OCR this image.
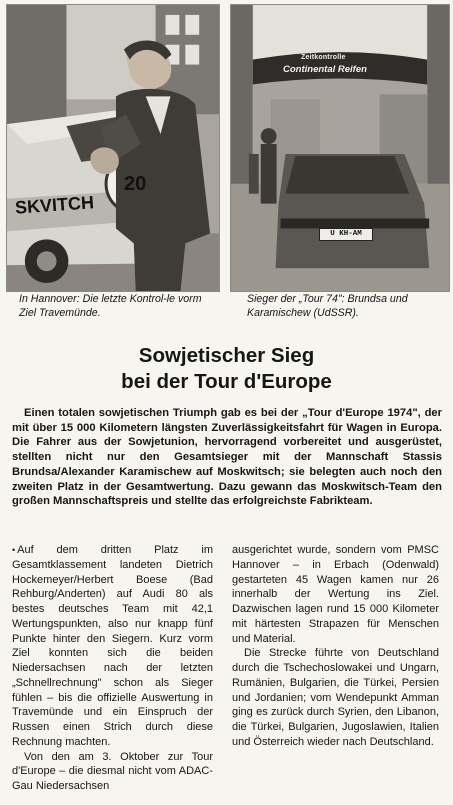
SKVITCH
20
Zeitkontrolle
Continental Reifen
U KH-AM
In Hannover: Die letzte Kontrol-le vorm Ziel Travemünde.
Sieger der „Tour 74": Brundsa und Karamischew (UdSSR).
Sowjetischer Sieg
bei der Tour d'Europe

Einen totalen sowjetischen Triumph gab es bei der „Tour d'Europe 1974", der mit über 15 000 Kilometern längsten Zuverlässigkeitsfahrt für Wagen in Europa. Die Fahrer aus der Sowjetunion, hervorragend vorbereitet und ausgerüstet, stellten nicht nur den Gesamtsieger mit der Mannschaft Stassis Brundsa/Alexander Karamischew auf Moskwitsch; sie belegten auch noch den zweiten Platz in der Gesamtwertung. Dazu gewann das Moskwitsch-Team den großen Mannschaftspreis und stellte das erfolgreichste Fabrikteam.

• Auf dem dritten Platz im Gesamtklassement landeten Dietrich Hockemeyer/Herbert Boese (Bad Rehburg/Anderten) auf Audi 80 als bestes deutsches Team mit 42,1 Wertungspunkten, also nur knapp fünf Punkte hinter den Siegern. Kurz vorm Ziel konnten sich die beiden Niedersachsen nach der letzten „Schnellrechnung" schon als Sieger fühlen – bis die offizielle Auswertung in Travemünde und ein Einspruch der Russen einen Strich durch diese Rechnung machten.

Von den am 3. Oktober zur Tour d'Europe – die diesmal nicht vom ADAC-Gau Niedersachsen

ausgerichtet wurde, sondern vom PMSC Hannover – in Erbach (Odenwald) gestarteten 45 Wagen kamen nur 26 innerhalb der Wertung ins Ziel. Dazwischen lagen rund 15 000 Kilometer mit härtesten Strapazen für Menschen und Material.

Die Strecke führte von Deutschland durch die Tschechoslowakei und Ungarn, Rumänien, Bulgarien, die Türkei, Persien und Jordanien; vom Wendepunkt Amman ging es zurück durch Syrien, den Libanon, die Türkei, Bulgarien, Jugoslawien, Italien und Österreich wieder nach Deutschland.
